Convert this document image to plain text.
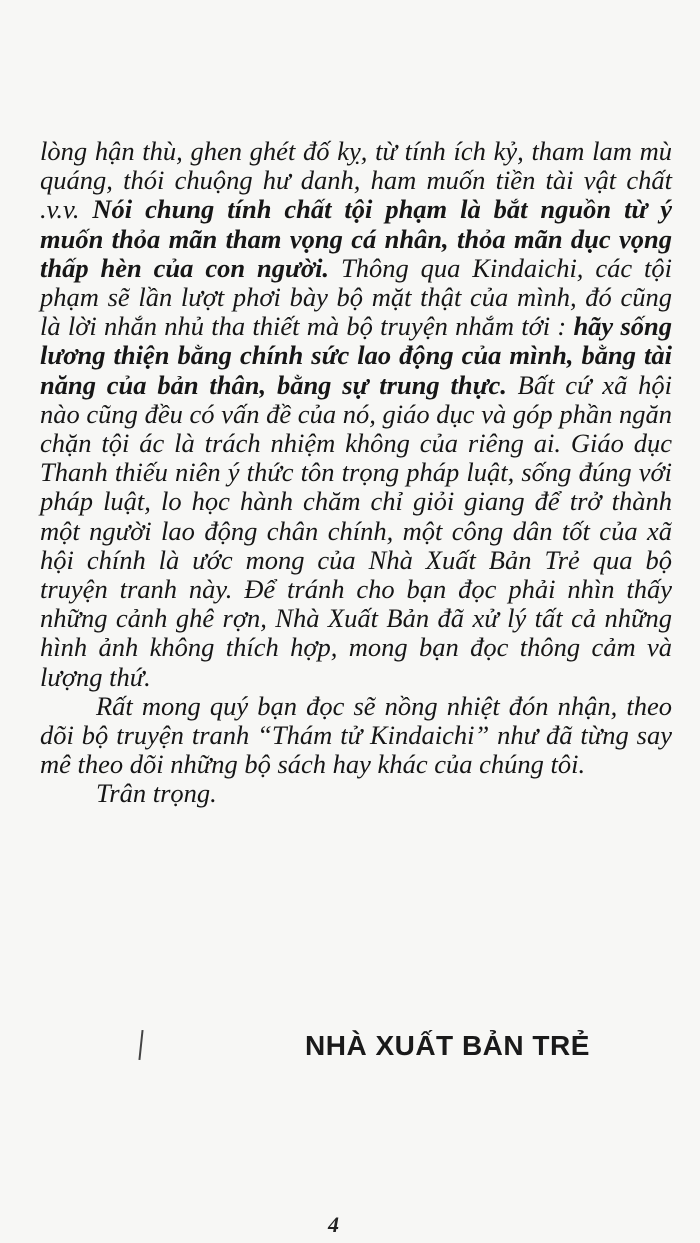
lòng hận thù, ghen ghét đố kỵ, từ tính ích kỷ, tham lam mù quáng, thói chuộng hư danh, ham muốn tiền tài vật chất .v.v. Nói chung tính chất tội phạm là bắt nguồn từ ý muốn thỏa mãn tham vọng cá nhân, thỏa mãn dục vọng thấp hèn của con người. Thông qua Kindaichi, các tội phạm sẽ lần lượt phơi bày bộ mặt thật của mình, đó cũng là lời nhắn nhủ tha thiết mà bộ truyện nhắm tới : hãy sống lương thiện bằng chính sức lao động của mình, bằng tài năng của bản thân, bằng sự trung thực. Bất cứ xã hội nào cũng đều có vấn đề của nó, giáo dục và góp phần ngăn chặn tội ác là trách nhiệm không của riêng ai. Giáo dục Thanh thiếu niên ý thức tôn trọng pháp luật, sống đúng với pháp luật, lo học hành chăm chỉ giỏi giang để trở thành một người lao động chân chính, một công dân tốt của xã hội chính là ước mong của Nhà Xuất Bản Trẻ qua bộ truyện tranh này. Để tránh cho bạn đọc phải nhìn thấy những cảnh ghê rợn, Nhà Xuất Bản đã xử lý tất cả những hình ảnh không thích hợp, mong bạn đọc thông cảm và lượng thứ.

Rất mong quý bạn đọc sẽ nồng nhiệt đón nhận, theo dõi bộ truyện tranh “Thám tử Kindaichi” như đã từng say mê theo dõi những bộ sách hay khác của chúng tôi.

Trân trọng.

NHÀ XUẤT BẢN TRẺ
4
